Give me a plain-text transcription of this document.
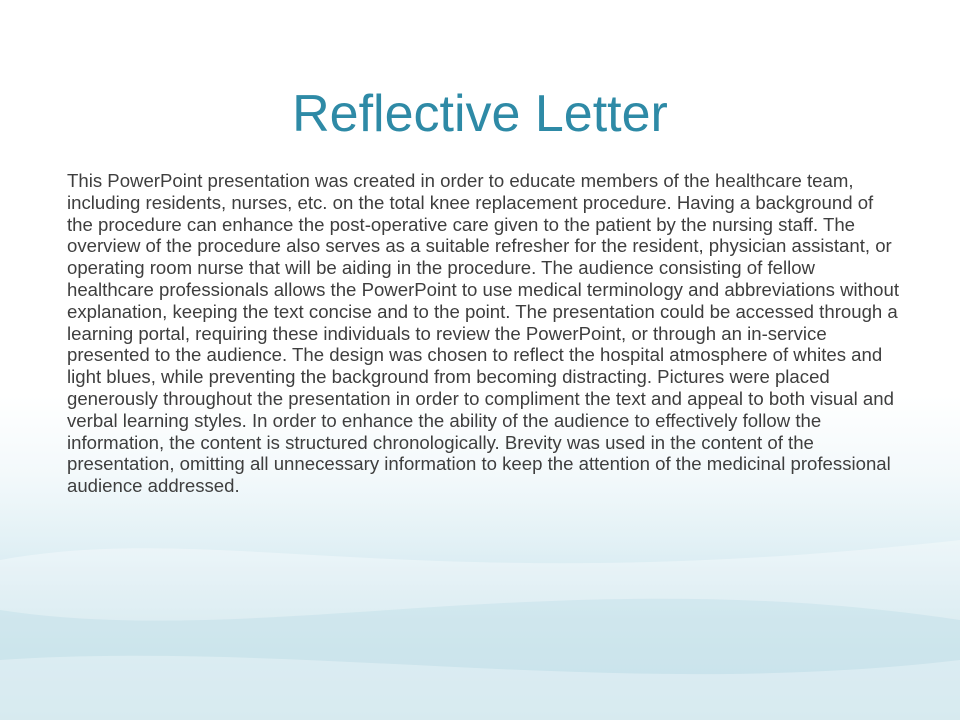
Reflective Letter

This PowerPoint presentation was created in order to educate members of the healthcare team, including residents, nurses, etc. on the total knee replacement procedure. Having a background of the procedure can enhance the post-operative care given to the patient by the nursing staff. The overview of the procedure also serves as a suitable refresher for the resident, physician assistant, or operating room nurse that will be aiding in the procedure. The audience consisting of fellow healthcare professionals allows the PowerPoint to use medical terminology and abbreviations without explanation, keeping the text concise and to the point. The presentation could be accessed through a learning portal, requiring these individuals to review the PowerPoint, or through an in-service presented to the audience. The design was chosen to reflect the hospital atmosphere of whites and light blues, while preventing the background from becoming distracting. Pictures were placed generously throughout the presentation in order to compliment the text and appeal to both visual and verbal learning styles. In order to enhance the ability of the audience to effectively follow the information, the content is structured chronologically. Brevity was used in the content of the presentation, omitting all unnecessary information to keep the attention of the medicinal professional audience addressed.
